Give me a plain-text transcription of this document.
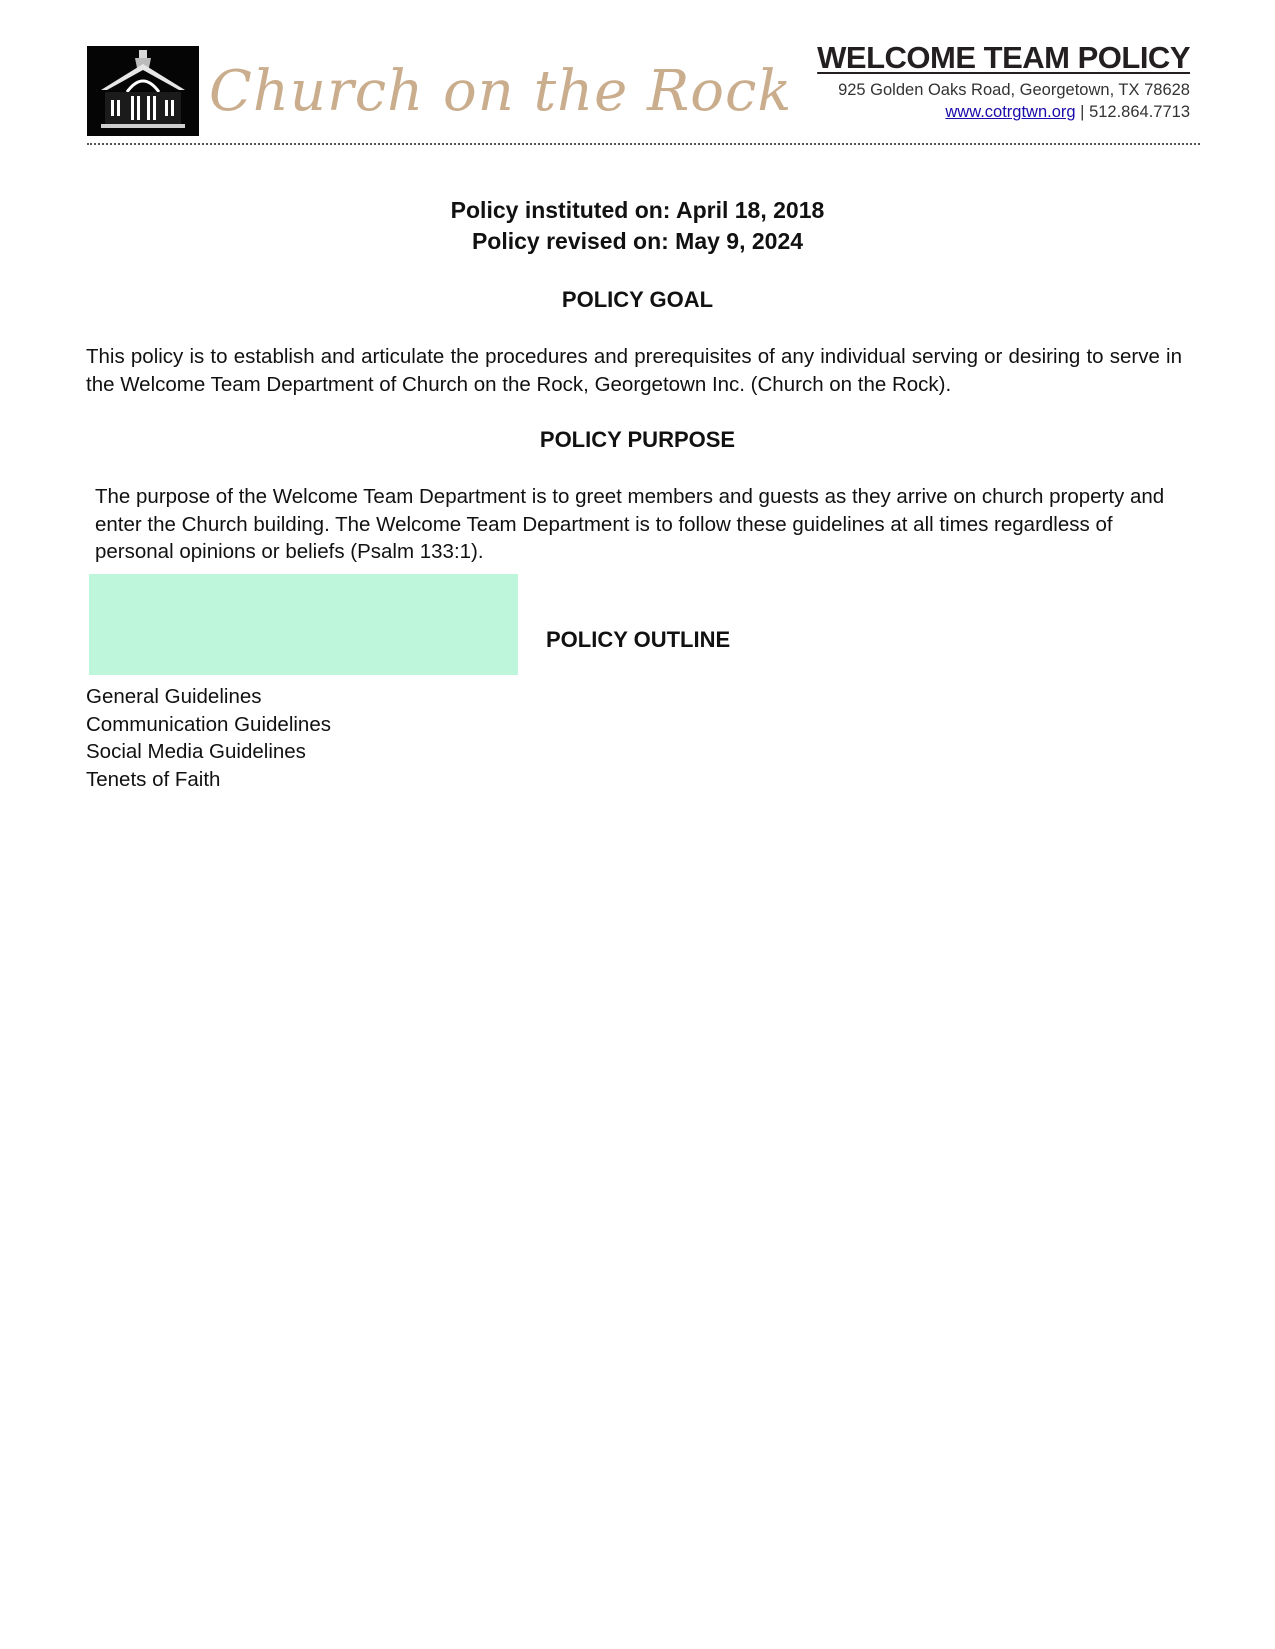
Church on the Rock
WELCOME TEAM POLICY
925 Golden Oaks Road, Georgetown, TX 78628
www.cotrgtwn.org | 512.864.7713
Policy instituted on: April 18, 2018
Policy revised on: May 9, 2024
POLICY GOAL

This policy is to establish and articulate the procedures and prerequisites of any individual serving or desiring to serve in the Welcome Team Department of Church on the Rock, Georgetown Inc. (Church on the Rock).

POLICY PURPOSE

The purpose of the Welcome Team Department is to greet members and guests as they arrive on church property and enter the Church building. The Welcome Team Department is to follow these guidelines at all times regardless of personal opinions or beliefs (Psalm 133:1).

POLICY OUTLINE
General Guidelines
Communication Guidelines
Social Media Guidelines
Tenets of Faith
